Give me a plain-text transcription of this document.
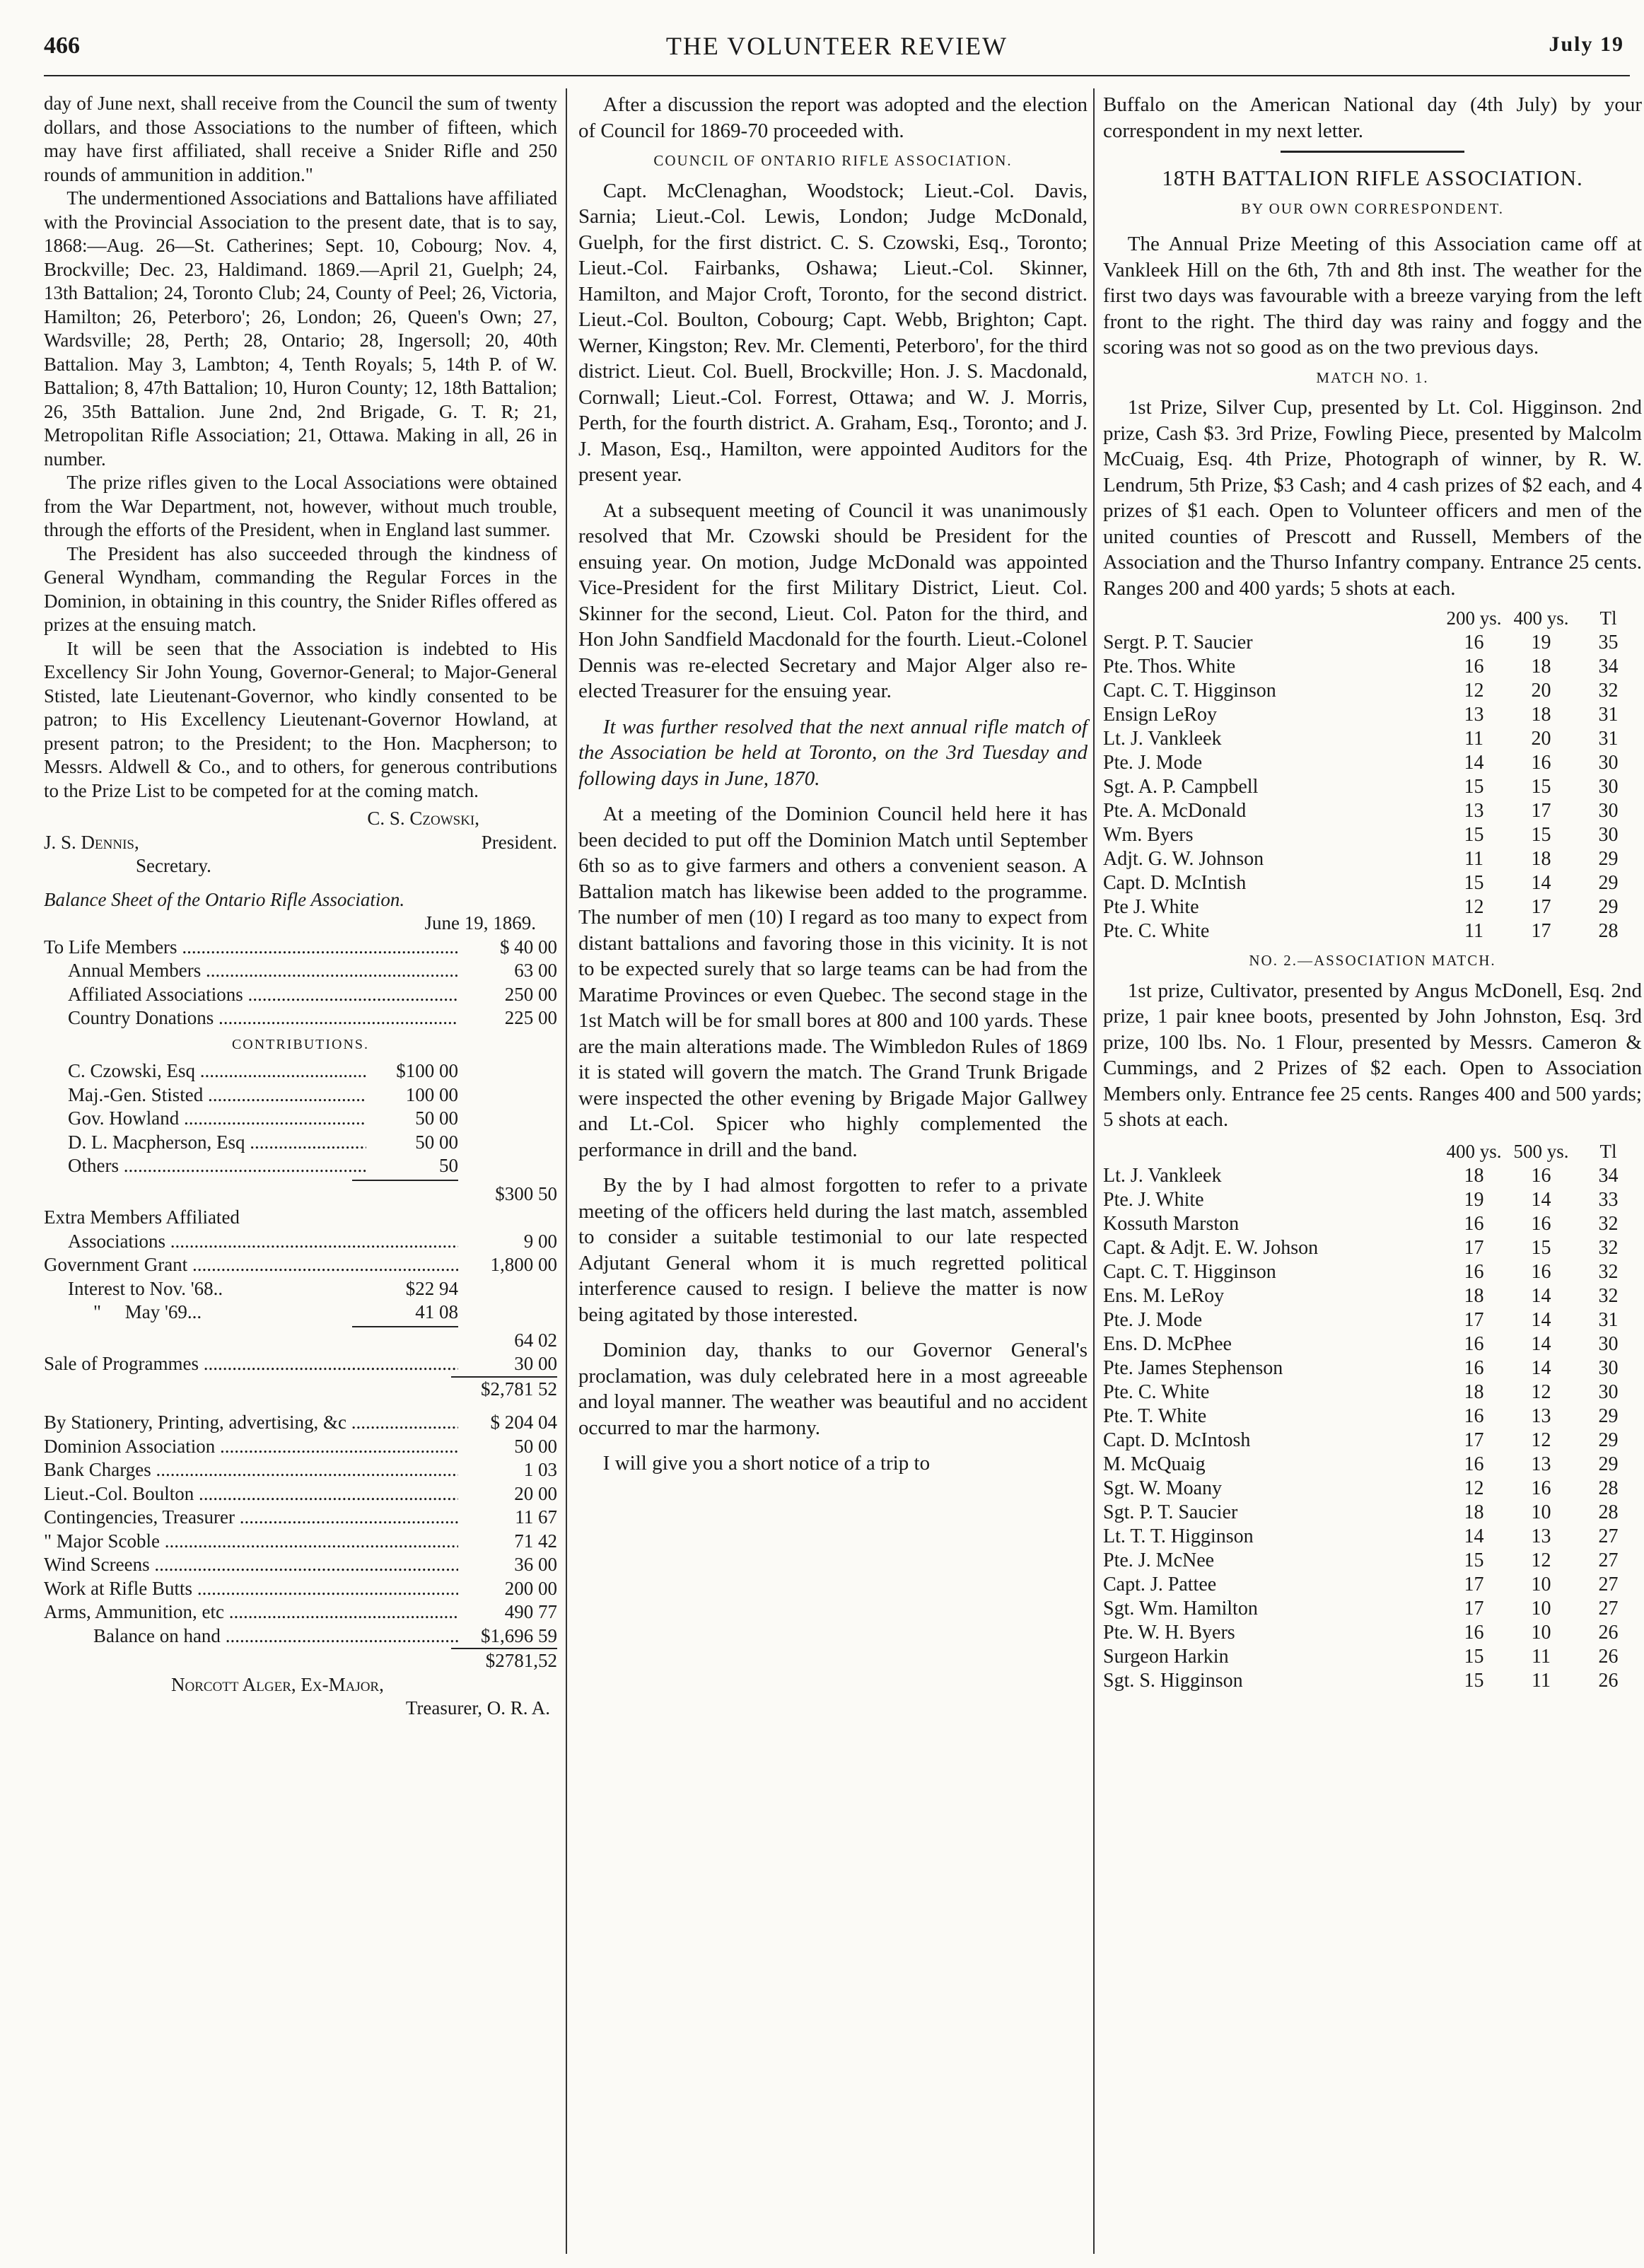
466	THE VOLUNTEER REVIEW	July 19

day of June next, shall receive from the Council the sum of twenty dollars, and those Associations to the number of fifteen, which may have first affiliated, shall receive a Snider Rifle and 250 rounds of ammunition in addition."

The undermentioned Associations and Battalions have affiliated with the Provincial Association to the present date, that is to say, 1868:—Aug. 26—St. Catherines; Sept. 10, Cobourg; Nov. 4, Brockville; Dec. 23, Haldimand. 1869.—April 21, Guelph; 24, 13th Battalion; 24, Toronto Club; 24, County of Peel; 26, Victoria, Hamilton; 26, Peterboro'; 26, London; 26, Queen's Own; 27, Wardsville; 28, Perth; 28, Ontario; 28, Ingersoll; 20, 40th Battalion. May 3, Lambton; 4, Tenth Royals; 5, 14th P. of W. Battalion; 8, 47th Battalion; 10, Huron County; 12, 18th Battalion; 26, 35th Battalion. June 2nd, 2nd Brigade, G. T. R; 21, Metropolitan Rifle Association; 21, Ottawa. Making in all, 26 in number.

The prize rifles given to the Local Associations were obtained from the War Department, not, however, without much trouble, through the efforts of the President, when in England last summer.

The President has also succeeded through the kindness of General Wyndham, commanding the Regular Forces in the Dominion, in obtaining in this country, the Snider Rifles offered as prizes at the ensuing match.

It will be seen that the Association is indebted to His Excellency Sir John Young, Governor-General; to Major-General Stisted, late Lieutenant-Governor, who kindly consented to be patron; to His Excellency Lieutenant-Governor Howland, at present patron; to the President; to the Hon. Macpherson; to Messrs. Aldwell & Co., and to others, for generous contributions to the Prize List to be competed for at the coming match.

C. S. Czowski,
J. S. Dennis,	President.
Secretary.
Balance Sheet of the Ontario Rifle Association.
June 19, 1869.
To Life Members .....	$ 40 00
Annual Members .....	63 00
Affiliated Associations .....	250 00
Country Donations .....	225 00
CONTRIBUTIONS.
C. Czowski, Esq .....	$100 00
Maj.-Gen. Stisted .....	100 00
Gov. Howland .....	50 00
D. L. Macpherson, Esq .....	50 00
Others .....	50
$300 50
Extra Members Affiliated
Associations .....	9 00
Government Grant .....	1,800 00
Interest to Nov. '68..	$22 94
"     May '69...	41 08
64 02
Sale of Programmes .....	30 00
$2,781 52
By Stationery, Printing, advertising, &c .....	$ 204 04
Dominion Association .....	50 00
Bank Charges .....	1 03
Lieut.-Col. Boulton .....	20 00
Contingencies, Treasurer .....	11 67
" Major Scoble .....	71 42
Wind Screens .....	36 00
Work at Rifle Butts .....	200 00
Arms, Ammunition, etc .....	490 77
Balance on hand .....	$1,696 59
$2781,52
Norcott Alger, Ex-Major,
Treasurer, O. R. A.

After a discussion the report was adopted and the election of Council for 1869-70 proceeded with.

COUNCIL OF ONTARIO RIFLE ASSOCIATION.

Capt. McClenaghan, Woodstock; Lieut.-Col. Davis, Sarnia; Lieut.-Col. Lewis, London; Judge McDonald, Guelph, for the first district. C. S. Czowski, Esq., Toronto; Lieut.-Col. Fairbanks, Oshawa; Lieut.-Col. Skinner, Hamilton, and Major Croft, Toronto, for the second district. Lieut.-Col. Boulton, Cobourg; Capt. Webb, Brighton; Capt. Werner, Kingston; Rev. Mr. Clementi, Peterboro', for the third district. Lieut. Col. Buell, Brockville; Hon. J. S. Macdonald, Cornwall; Lieut.-Col. Forrest, Ottawa; and W. J. Morris, Perth, for the fourth district. A. Graham, Esq., Toronto; and J. J. Mason, Esq., Hamilton, were appointed Auditors for the present year.

At a subsequent meeting of Council it was unanimously resolved that Mr. Czowski should be President for the ensuing year. On motion, Judge McDonald was appointed Vice-President for the first Military District, Lieut. Col. Skinner for the second, Lieut. Col. Paton for the third, and Hon John Sandfield Macdonald for the fourth. Lieut.-Colonel Dennis was re-elected Secretary and Major Alger also re-elected Treasurer for the ensuing year.

It was further resolved that the next annual rifle match of the Association be held at Toronto, on the 3rd Tuesday and following days in June, 1870.

At a meeting of the Dominion Council held here it has been decided to put off the Dominion Match until September 6th so as to give farmers and others a convenient season. A Battalion match has likewise been added to the programme. The number of men (10) I regard as too many to expect from distant battalions and favoring those in this vicinity. It is not to be expected surely that so large teams can be had from the Maratime Provinces or even Quebec. The second stage in the 1st Match will be for small bores at 800 and 100 yards. These are the main alterations made. The Wimbledon Rules of 1869 it is stated will govern the match. The Grand Trunk Brigade were inspected the other evening by Brigade Major Gallwey and Lt.-Col. Spicer who highly complemented the performance in drill and the band.

By the by I had almost forgotten to refer to a private meeting of the officers held during the last match, assembled to consider a suitable testimonial to our late respected Adjutant General whom it is much regretted political interference caused to resign. I believe the matter is now being agitated by those interested.

Dominion day, thanks to our Governor General's proclamation, was duly celebrated here in a most agreeable and loyal manner. The weather was beautiful and no accident occurred to mar the harmony.

I will give you a short notice of a trip to

Buffalo on the American National day (4th July) by your correspondent in my next letter.

18TH BATTALION RIFLE ASSOCIATION.
BY OUR OWN CORRESPONDENT.

The Annual Prize Meeting of this Association came off at Vankleek Hill on the 6th, 7th and 8th inst. The weather for the first two days was favourable with a breeze varying from the left front to the right. The third day was rainy and foggy and the scoring was not so good as on the two previous days.

MATCH NO. 1.

1st Prize, Silver Cup, presented by Lt. Col. Higginson. 2nd prize, Cash $3. 3rd Prize, Fowling Piece, presented by Malcolm McCuaig, Esq. 4th Prize, Photograph of winner, by R. W. Lendrum, 5th Prize, $3 Cash; and 4 cash prizes of $2 each, and 4 prizes of $1 each. Open to Volunteer officers and men of the united counties of Prescott and Russell, Members of the Association and the Thurso Infantry company. Entrance 25 cents. Ranges 200 and 400 yards; 5 shots at each.

	200 ys.	400 ys.	Tl
Sergt. P. T. Saucier	16	19	35
Pte. Thos. White	16	18	34
Capt. C. T. Higginson	12	20	32
Ensign LeRoy	13	18	31
Lt. J. Vankleek	11	20	31
Pte. J. Mode	14	16	30
Sgt. A. P. Campbell	15	15	30
Pte. A. McDonald	13	17	30
Wm. Byers	15	15	30
Adjt. G. W. Johnson	11	18	29
Capt. D. McIntish	15	14	29
Pte J. White	12	17	29
Pte. C. White	11	17	28
NO. 2.—ASSOCIATION MATCH.

1st prize, Cultivator, presented by Angus McDonell, Esq. 2nd prize, 1 pair knee boots, presented by John Johnston, Esq. 3rd prize, 100 lbs. No. 1 Flour, presented by Messrs. Cameron & Cummings, and 2 Prizes of $2 each. Open to Association Members only. Entrance fee 25 cents. Ranges 400 and 500 yards; 5 shots at each.

	400 ys.	500 ys.	Tl
Lt. J. Vankleek	18	16	34
Pte. J. White	19	14	33
Kossuth Marston	16	16	32
Capt. & Adjt. E. W. Johson	17	15	32
Capt. C. T. Higginson	16	16	32
Ens. M. LeRoy	18	14	32
Pte. J. Mode	17	14	31
Ens. D. McPhee	16	14	30
Pte. James Stephenson	16	14	30
Pte. C. White	18	12	30
Pte. T. White	16	13	29
Capt. D. McIntosh	17	12	29
M. McQuaig	16	13	29
Sgt. W. Moany	12	16	28
Sgt. P. T. Saucier	18	10	28
Lt. T. T. Higginson	14	13	27
Pte. J. McNee	15	12	27
Capt. J. Pattee	17	10	27
Sgt. Wm. Hamilton	17	10	27
Pte. W. H. Byers	16	10	26
Surgeon Harkin	15	11	26
Sgt. S. Higginson	15	11	26
